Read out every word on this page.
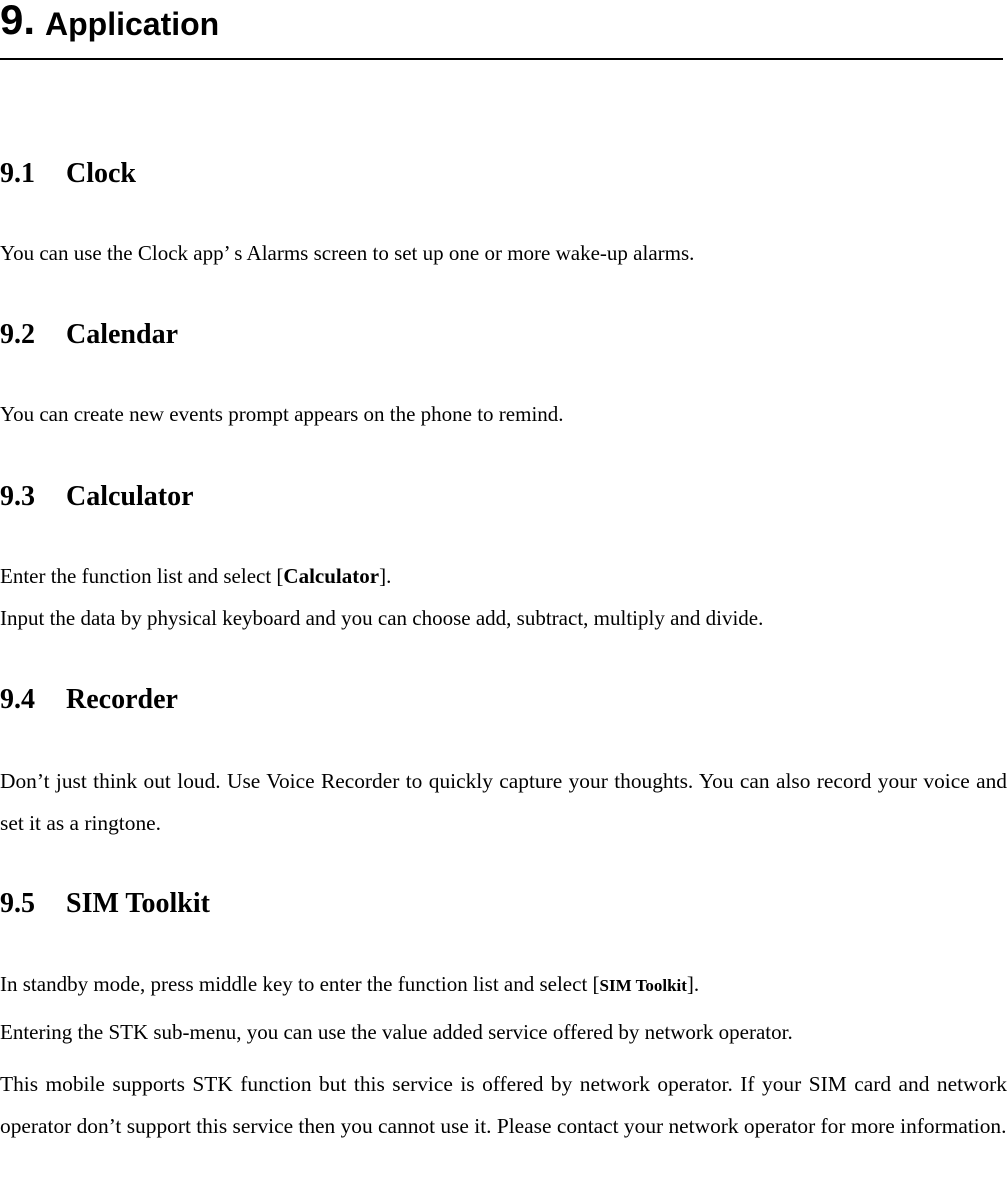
9. Application
9.1 Clock

You can use the Clock app’ s Alarms screen to set up one or more wake-up alarms.

9.2 Calendar

You can create new events prompt appears on the phone to remind.

9.3 Calculator

Enter the function list and select [Calculator].

Input the data by physical keyboard and you can choose add, subtract, multiply and divide.

9.4 Recorder

Don’t just think out loud. Use Voice Recorder to quickly capture your thoughts. You can also record your voice and set it as a ringtone.

9.5 SIM Toolkit

In standby mode, press middle key to enter the function list and select [SIM Toolkit].

Entering the STK sub-menu, you can use the value added service offered by network operator.

This mobile supports STK function but this service is offered by network operator. If your SIM card and network operator don’t support this service then you cannot use it. Please contact your network operator for more information.
